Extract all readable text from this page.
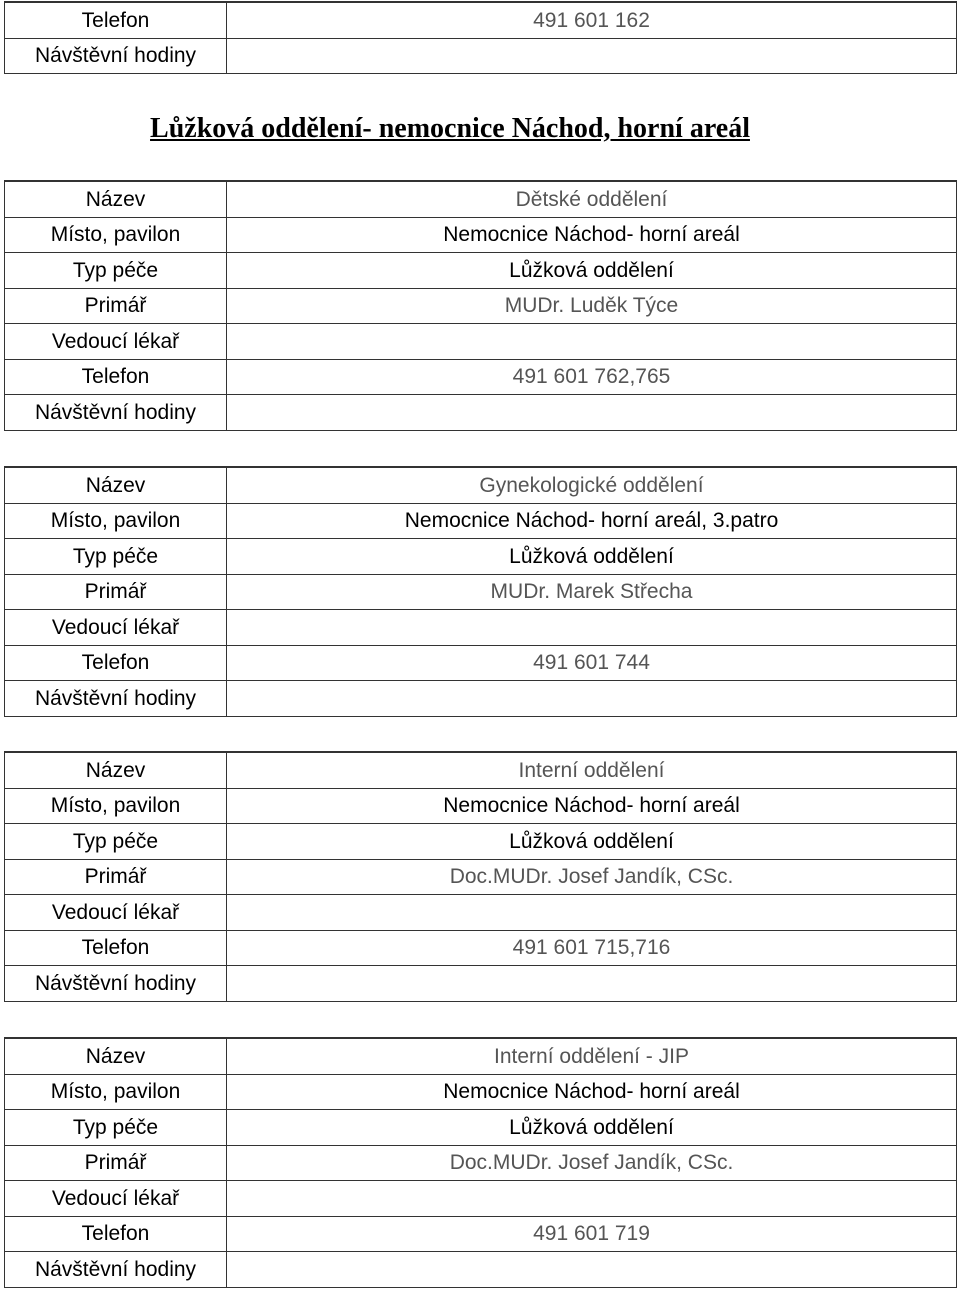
Telefon	491 601 162
Návštěvní hodiny	
Lůžková oddělení- nemocnice Náchod, horní areál
Název	Dětské oddělení
Místo, pavilon	Nemocnice Náchod- horní areál
Typ péče	Lůžková oddělení
Primář	MUDr. Luděk Týce
Vedoucí lékař	
Telefon	491 601 762,765
Návštěvní hodiny	
Název	Gynekologické oddělení
Místo, pavilon	Nemocnice Náchod- horní areál, 3.patro
Typ péče	Lůžková oddělení
Primář	MUDr. Marek Střecha
Vedoucí lékař	
Telefon	491 601 744
Návštěvní hodiny	
Název	Interní oddělení
Místo, pavilon	Nemocnice Náchod- horní areál
Typ péče	Lůžková oddělení
Primář	Doc.MUDr. Josef Jandík, CSc.
Vedoucí lékař	
Telefon	491 601 715,716
Návštěvní hodiny	
Název	Interní oddělení - JIP
Místo, pavilon	Nemocnice Náchod- horní areál
Typ péče	Lůžková oddělení
Primář	Doc.MUDr. Josef Jandík, CSc.
Vedoucí lékař	
Telefon	491 601 719
Návštěvní hodiny	
